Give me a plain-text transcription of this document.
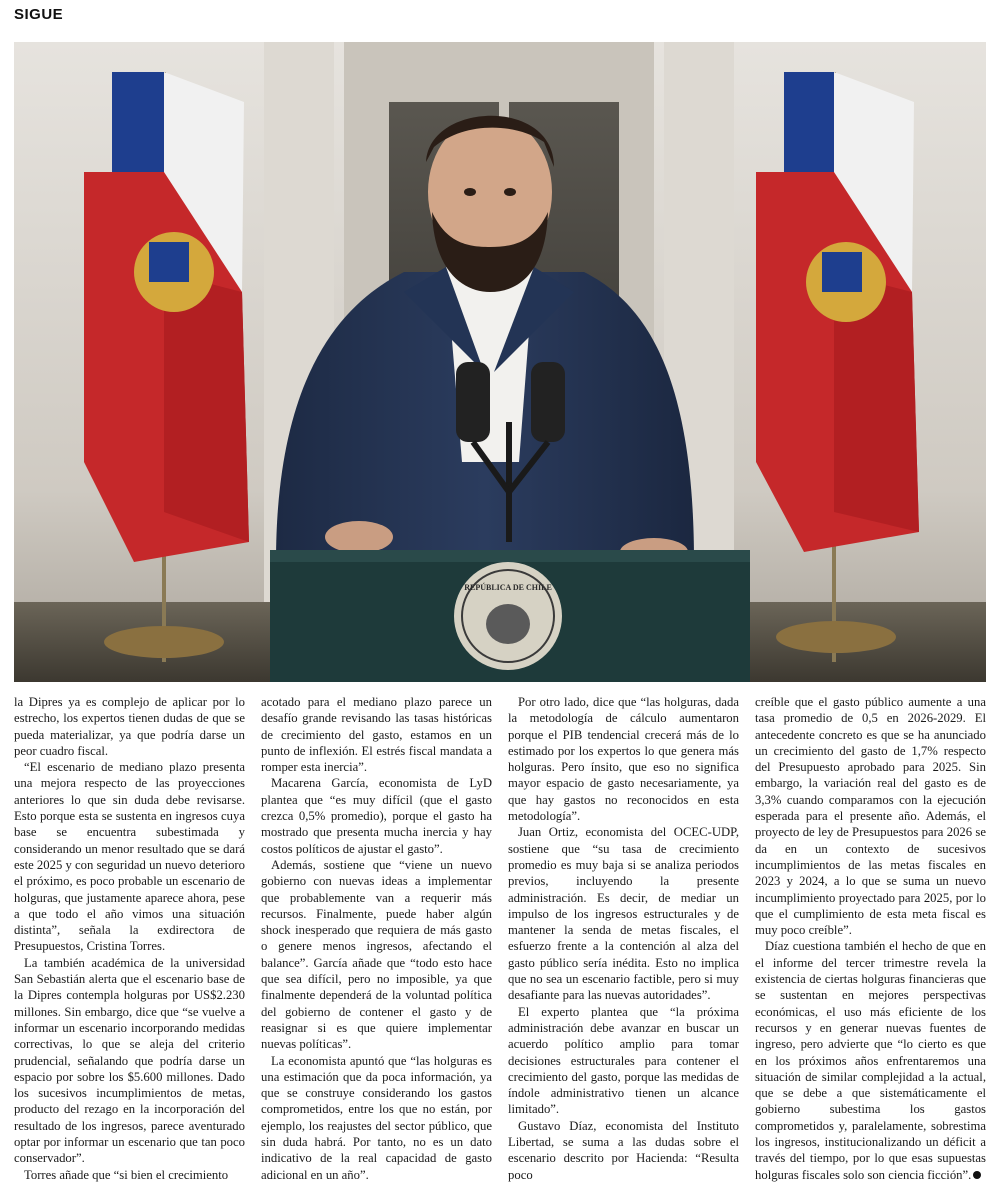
SIGUE
REPÚBLICA DE CHILE

la Dipres ya es complejo de aplicar por lo estrecho, los expertos tienen dudas de que se pueda materializar, ya que podría darse un peor cuadro fiscal.

“El escenario de mediano plazo presenta una mejora respecto de las proyecciones anteriores lo que sin duda debe revisarse. Esto porque esta se sustenta en ingresos cuya base se encuentra subestimada y considerando un menor resultado que se dará este 2025 y con seguridad un nuevo deterioro el próximo, es poco probable un escenario de holguras, que justamente aparece ahora, pese a que todo el año vimos una situación distinta”, señala la exdirectora de Presupuestos, Cristina Torres.

La también académica de la universidad San Sebastián alerta que el escenario base de la Dipres contempla holguras por US$2.230 millones. Sin embargo, dice que “se vuelve a informar un escenario incorporando medidas correctivas, lo que se aleja del criterio prudencial, señalando que podría darse un espacio por sobre los $5.600 millones. Dado los sucesivos incumplimientos de metas, producto del rezago en la incorporación del resultado de los ingresos, parece aventurado optar por informar un escenario que tan poco conservador”.

Torres añade que “si bien el crecimiento

acotado para el mediano plazo parece un desafío grande revisando las tasas históricas de crecimiento del gasto, estamos en un punto de inflexión. El estrés fiscal mandata a romper esta inercia”.

Macarena García, economista de LyD plantea que “es muy difícil (que el gasto crezca 0,5% promedio), porque el gasto ha mostrado que presenta mucha inercia y hay costos políticos de ajustar el gasto”.

Además, sostiene que “viene un nuevo gobierno con nuevas ideas a implementar que probablemente van a requerir más recursos. Finalmente, puede haber algún shock inesperado que requiera de más gasto o genere menos ingresos, afectando el balance”. García añade que “todo esto hace que sea difícil, pero no imposible, ya que finalmente dependerá de la voluntad política del gobierno de contener el gasto y de reasignar si es que quiere implementar nuevas políticas”.

La economista apuntó que “las holguras es una estimación que da poca información, ya que se construye considerando los gastos comprometidos, entre los que no están, por ejemplo, los reajustes del sector público, que sin duda habrá. Por tanto, no es un dato indicativo de la real capacidad de gasto adicional en un año”.

Por otro lado, dice que “las holguras, dada la metodología de cálculo aumentaron porque el PIB tendencial crecerá más de lo estimado por los expertos lo que genera más holguras. Pero ínsito, que eso no significa mayor espacio de gasto necesariamente, ya que hay gastos no reconocidos en esta metodología”.

Juan Ortiz, economista del OCEC-UDP, sostiene que “su tasa de crecimiento promedio es muy baja si se analiza periodos previos, incluyendo la presente administración. Es decir, de mediar un impulso de los ingresos estructurales y de mantener la senda de metas fiscales, el esfuerzo frente a la contención al alza del gasto público sería inédita. Esto no implica que no sea un escenario factible, pero si muy desafiante para las nuevas autoridades”.

El experto plantea que “la próxima administración debe avanzar en buscar un acuerdo político amplio para tomar decisiones estructurales para contener el crecimiento del gasto, porque las medidas de índole administrativo tienen un alcance limitado”.

Gustavo Díaz, economista del Instituto Libertad, se suma a las dudas sobre el escenario descrito por Hacienda: “Resulta poco

creíble que el gasto público aumente a una tasa promedio de 0,5 en 2026-2029. El antecedente concreto es que se ha anunciado un crecimiento del gasto de 1,7% respecto del Presupuesto aprobado para 2025. Sin embargo, la variación real del gasto es de 3,3% cuando comparamos con la ejecución esperada para el presente año. Además, el proyecto de ley de Presupuestos para 2026 se da en un contexto de sucesivos incumplimientos de las metas fiscales en 2023 y 2024, a lo que se suma un nuevo incumplimiento proyectado para 2025, por lo que el cumplimiento de esta meta fiscal es muy poco creíble”.

Díaz cuestiona también el hecho de que en el informe del tercer trimestre revela la existencia de ciertas holguras financieras que se sustentan en mejores perspectivas económicas, el uso más eficiente de los recursos y en generar nuevas fuentes de ingreso, pero advierte que “lo cierto es que en los próximos años enfrentaremos una situación de similar complejidad a la actual, que se debe a que sistemáticamente el gobierno subestima los gastos comprometidos y, paralelamente, sobrestima los ingresos, institucionalizando un déficit a través del tiempo, por lo que esas supuestas holguras fiscales solo son ciencia ficción”.
